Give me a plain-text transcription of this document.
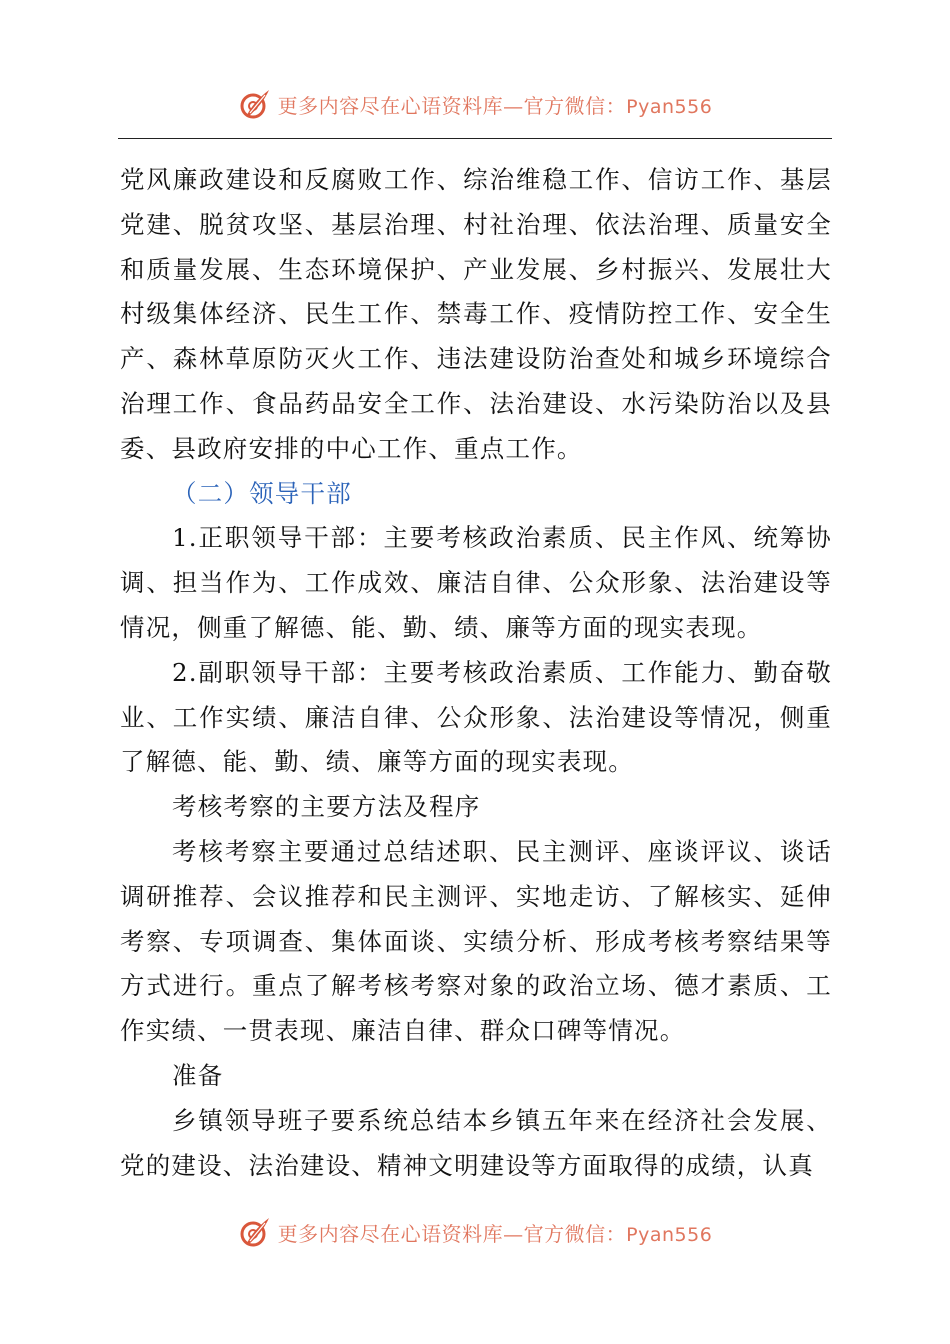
更多内容尽在心语资料库—官方微信：Pyan556

党风廉政建设和反腐败工作、综治维稳工作、信访工作、基层党建、脱贫攻坚、基层治理、村社治理、依法治理、质量安全和质量发展、生态环境保护、产业发展、乡村振兴、发展壮大村级集体经济、民生工作、禁毒工作、疫情防控工作、安全生产、森林草原防灭火工作、违法建设防治查处和城乡环境综合治理工作、食品药品安全工作、法治建设、水污染防治以及县委、县政府安排的中心工作、重点工作。

（二）领导干部

1.正职领导干部：主要考核政治素质、民主作风、统筹协调、担当作为、工作成效、廉洁自律、公众形象、法治建设等情况，侧重了解德、能、勤、绩、廉等方面的现实表现。

2.副职领导干部：主要考核政治素质、工作能力、勤奋敬业、工作实绩、廉洁自律、公众形象、法治建设等情况，侧重了解德、能、勤、绩、廉等方面的现实表现。

考核考察的主要方法及程序

考核考察主要通过总结述职、民主测评、座谈评议、谈话调研推荐、会议推荐和民主测评、实地走访、了解核实、延伸考察、专项调查、集体面谈、实绩分析、形成考核考察结果等方式进行。重点了解考核考察对象的政治立场、德才素质、工作实绩、一贯表现、廉洁自律、群众口碑等情况。

准备

乡镇领导班子要系统总结本乡镇五年来在经济社会发展、党的建设、法治建设、精神文明建设等方面取得的成绩，认真

更多内容尽在心语资料库—官方微信：Pyan556
